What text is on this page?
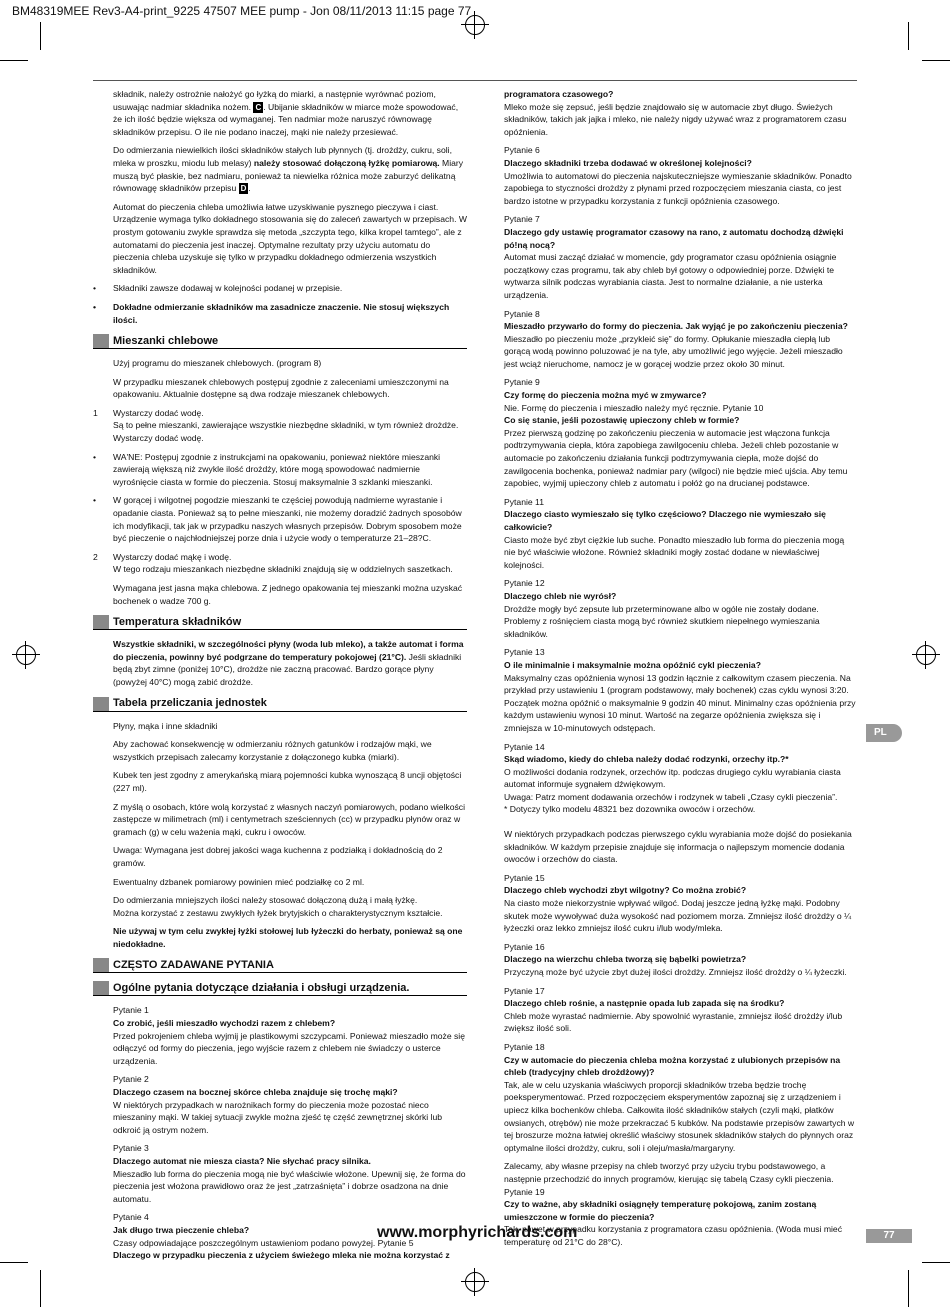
BM48319MEE Rev3-A4-print_9225 47507 MEE pump - Jon 08/11/2013 11:15 page 77

składnik, należy ostrożnie nałożyć go łyżką do miarki, a następnie wyrównać poziom, usuwając nadmiar składnika nożem. C . Ubijanie składników w miarce może spowodować, że ich ilość będzie większa od wymaganej. Ten nadmiar może naruszyć równowagę składników przepisu. O ile nie podano inaczej, mąki nie należy przesiewać.

Do odmierzania niewielkich ilości składników stałych lub płynnych (tj. drożdży, cukru, soli, mleka w proszku, miodu lub melasy) należy stosować dołączoną łyżkę pomiarową. Miary muszą być płaskie, bez nadmiaru, ponieważ ta niewielka różnica może zaburzyć delikatną równowagę składników przepisu D .

Automat do pieczenia chleba umożliwia łatwe uzyskiwanie pysznego pieczywa i ciast. Urządzenie wymaga tylko dokładnego stosowania się do zaleceń zawartych w przepisach. W prostym gotowaniu zwykle sprawdza się metoda „szczypta tego, kilka kropel tamtego”, ale z automatami do pieczenia jest inaczej. Optymalne rezultaty przy użyciu automatu do pieczenia chleba uzyskuje się tylko w przypadku dokładnego odmierzenia wszystkich składników.

• Składniki zawsze dodawaj w kolejności podanej w przepisie.
• Dokładne odmierzanie składników ma zasadnicze znaczenie. Nie stosuj większych ilości.
Mieszanki chlebowe

Użyj programu do mieszanek chlebowych. (program 8)

W przypadku mieszanek chlebowych postępuj zgodnie z zaleceniami umieszczonymi na opakowaniu. Aktualnie dostępne są dwa rodzaje mieszanek chlebowych.

1 Wystarczy dodać wodę.
Są to pełne mieszanki, zawierające wszystkie niezbędne składniki, w tym również drożdże. Wystarczy dodać wodę.
• WA'NE: Postępuj zgodnie z instrukcjami na opakowaniu, ponieważ niektóre mieszanki zawierają większą niż zwykle ilość drożdży, które mogą spowodować nadmiernie wyrośnięcie ciasta w formie do pieczenia. Stosuj maksymalnie 3 szklanki mieszanki.
• W gorącej i wilgotnej pogodzie mieszanki te częściej powodują nadmierne wyrastanie i opadanie ciasta. Ponieważ są to pełne mieszanki, nie możemy doradzić żadnych sposobów ich modyfikacji, tak jak w przypadku naszych własnych przepisów. Dobrym sposobem może być pieczenie o najchłodniejszej porze dnia i użycie wody o temperaturze 21–28?C.
2 Wystarczy dodać mąkę i wodę.
W tego rodzaju mieszankach niezbędne składniki znajdują się w oddzielnych saszetkach.

Wymagana jest jasna mąka chlebowa. Z jednego opakowania tej mieszanki można uzyskać bochenek o wadze 700 g.

Temperatura składników

Wszystkie składniki, w szczególności płyny (woda lub mleko), a także automat i forma do pieczenia, powinny być podgrzane do temperatury pokojowej (21°C). Jeśli składniki będą zbyt zimne (poniżej 10°C), drożdże nie zaczną pracować. Bardzo gorące płyny (powyżej 40°C) mogą zabić drożdże.

Tabela przeliczania jednostek

Płyny, mąka i inne składniki

Aby zachować konsekwencję w odmierzaniu różnych gatunków i rodzajów mąki, we wszystkich przepisach zalecamy korzystanie z dołączonego kubka (miarki).

Kubek ten jest zgodny z amerykańską miarą pojemności kubka wynoszącą 8 uncji objętości (227 ml).

Z myślą o osobach, które wolą korzystać z własnych naczyń pomiarowych, podano wielkości zastępcze w milimetrach (ml) i centymetrach sześciennych (cc) w przypadku płynów oraz w gramach (g) w celu ważenia mąki, cukru i owoców.

Uwaga: Wymagana jest dobrej jakości waga kuchenna z podziałką i dokładnością do 2 gramów.

Ewentualny dzbanek pomiarowy powinien mieć podziałkę co 2 ml.

Do odmierzania mniejszych ilości należy stosować dołączoną dużą i małą łyżkę.
Można korzystać z zestawu zwykłych łyżek brytyjskich o charakterystycznym kształcie.

Nie używaj w tym celu zwykłej łyżki stołowej lub łyżeczki do herbaty, ponieważ są one niedokładne.

CZĘSTO ZADAWANE PYTANIA
Ogólne pytania dotyczące działania i obsługi urządzenia.
Pytanie 1
Co zrobić, jeśli mieszadło wychodzi razem z chlebem?

Przed pokrojeniem chleba wyjmij je plastikowymi szczypcami. Ponieważ mieszadło może się odłączyć od formy do pieczenia, jego wyjście razem z chlebem nie świadczy o usterce urządzenia.

Pytanie 2
Dlaczego czasem na bocznej skórce chleba znajduje się trochę mąki?

W niektórych przypadkach w narożnikach formy do pieczenia może pozostać nieco mieszaniny mąki. W takiej sytuacji zwykle można zjeść tę część zewnętrznej skórki lub odkroić ją ostrym nożem.

Pytanie 3
Dlaczego automat nie miesza ciasta? Nie słychać pracy silnika.

Mieszadło lub forma do pieczenia mogą nie być właściwie włożone. Upewnij się, że forma do pieczenia jest włożona prawidłowo oraz że jest „zatrzaśnięta” i dobrze osadzona na dnie automatu.

Pytanie 4
Jak długo trwa pieczenie chleba?
Czasy odpowiadające poszczególnym ustawieniom podano powyżej. Pytanie 5
Dlaczego w przypadku pieczenia z użyciem świeżego mleka nie można korzystać z
programatora czasowego?

Mleko może się zepsuć, jeśli będzie znajdowało się w automacie zbyt długo. Świeżych składników, takich jak jajka i mleko, nie należy nigdy używać wraz z programatorem czasu opóźnienia.

Pytanie 6
Dlaczego składniki trzeba dodawać w określonej kolejności?

Umożliwia to automatowi do pieczenia najskuteczniejsze wymieszanie składników. Ponadto zapobiega to styczności drożdży z płynami przed rozpoczęciem mieszania ciasta, co jest bardzo istotne w przypadku korzystania z funkcji opóźnienia czasowego.

Pytanie 7
Dlaczego gdy ustawię programator czasowy na rano, z automatu dochodzą dźwięki pó!ną nocą?

Automat musi zacząć działać w momencie, gdy programator czasu opóźnienia osiągnie początkowy czas programu, tak aby chleb był gotowy o odpowiedniej porze. Dźwięki te wytwarza silnik podczas wyrabiania ciasta. Jest to normalne działanie, a nie usterka urządzenia.

Pytanie 8
Mieszadło przywarło do formy do pieczenia. Jak wyjąć je po zakończeniu pieczenia?

Mieszadło po pieczeniu może „przykleić się” do formy. Opłukanie mieszadła ciepłą lub gorącą wodą powinno poluzować je na tyle, aby umożliwić jego wyjęcie. Jeżeli mieszadło jest wciąż nieruchome, namocz je w gorącej wodzie przez około 30 minut.

Pytanie 9
Czy formę do pieczenia można myć w zmywarce?
Nie. Formę do pieczenia i mieszadło należy myć ręcznie. Pytanie 10
Co się stanie, jeśli pozostawię upieczony chleb w formie?

Przez pierwszą godzinę po zakończeniu pieczenia w automacie jest włączona funkcja podtrzymywania ciepła, która zapobiega zawilgoceniu chleba. Jeżeli chleb pozostanie w automacie po zakończeniu działania funkcji podtrzymywania ciepła, może dojść do zawilgocenia bochenka, ponieważ nadmiar pary (wilgoci) nie będzie mieć ujścia. Aby temu zapobiec, wyjmij upieczony chleb z automatu i połóż go na drucianej podstawce.

Pytanie 11
Dlaczego ciasto wymieszało się tylko częściowo? Dlaczego nie wymieszało się całkowicie?

Ciasto może być zbyt ciężkie lub suche. Ponadto mieszadło lub forma do pieczenia mogą nie być właściwie włożone. Również składniki mogły zostać dodane w niewłaściwej kolejności.

Pytanie 12
Dlaczego chleb nie wyrósł?

Drożdże mogły być zepsute lub przeterminowane albo w ogóle nie zostały dodane. Problemy z rośnięciem ciasta mogą być również skutkiem niepełnego wymieszania składników.

Pytanie 13
O ile minimalnie i maksymalnie można opóźnić cykl pieczenia?

Maksymalny czas opóźnienia wynosi 13 godzin łącznie z całkowitym czasem pieczenia. Na przykład przy ustawieniu 1 (program podstawowy, mały bochenek) czas cyklu wynosi 3:20. Początek można opóźnić o maksymalnie 9 godzin 40 minut. Minimalny czas opóźnienia przy każdym ustawieniu wynosi 10 minut. Wartość na zegarze opóźnienia zwiększa się i zmniejsza w 10-minutowych odstępach.

Pytanie 14
Skąd wiadomo, kiedy do chleba należy dodać rodzynki, orzechy itp.?*

O możliwości dodania rodzynek, orzechów itp. podczas drugiego cyklu wyrabiania ciasta automat informuje sygnałem dźwiękowym.
Uwaga: Patrz moment dodawania orzechów i rodzynek w tabeli „Czasy cykli pieczenia”.
* Dotyczy tylko modelu 48321 bez dozownika owoców i orzechów.

W niektórych przypadkach podczas pierwszego cyklu wyrabiania może dojść do posiekania składników. W każdym przepisie znajduje się informacja o najlepszym momencie dodania owoców i orzechów do ciasta.

Pytanie 15
Dlaczego chleb wychodzi zbyt wilgotny? Co można zrobić?

Na ciasto może niekorzystnie wpływać wilgoć. Dodaj jeszcze jedną łyżkę mąki. Podobny skutek może wywoływać duża wysokość nad poziomem morza. Zmniejsz ilość drożdży o ¼ łyżeczki oraz lekko zmniejsz ilość cukru i/lub wody/mleka.

Pytanie 16
Dlaczego na wierzchu chleba tworzą się bąbelki powietrza?

Przyczyną może być użycie zbyt dużej ilości drożdży. Zmniejsz ilość drożdży o ¼ łyżeczki.

Pytanie 17
Dlaczego chleb rośnie, a następnie opada lub zapada się na środku?

Chleb może wyrastać nadmiernie. Aby spowolnić wyrastanie, zmniejsz ilość drożdży i/lub zwiększ ilość soli.

Pytanie 18
Czy w automacie do pieczenia chleba można korzystać z ulubionych przepisów na chleb (tradycyjny chleb drożdżowy)?

Tak, ale w celu uzyskania właściwych proporcji składników trzeba będzie trochę poeksperymentować. Przed rozpoczęciem eksperymentów zapoznaj się z urządzeniem i upiecz kilka bochenków chleba. Całkowita ilość składników stałych (czyli mąki, płatków owsianych, otrębów) nie może przekraczać 5 kubków. Na podstawie przepisów zawartych w tej broszurze można łatwiej określić właściwy stosunek składników stałych do płynnych oraz optymalne ilości drożdży, cukru, soli i oleju/masła/margaryny.

Zalecamy, aby własne przepisy na chleb tworzyć przy użyciu trybu podstawowego, a następnie przechodzić do innych programów, kierując się tabelą Czasy cykli pieczenia. Pytanie 19
Czy to ważne, aby składniki osiągnęły temperaturę pokojową, zanim zostaną umieszczone w formie do pieczenia?
Tak, nawet w przypadku korzystania z programatora czasu opóźnienia. (Woda musi mieć temperaturę od 21°C do 28°C).
PL
www.morphyrichards.com	77
